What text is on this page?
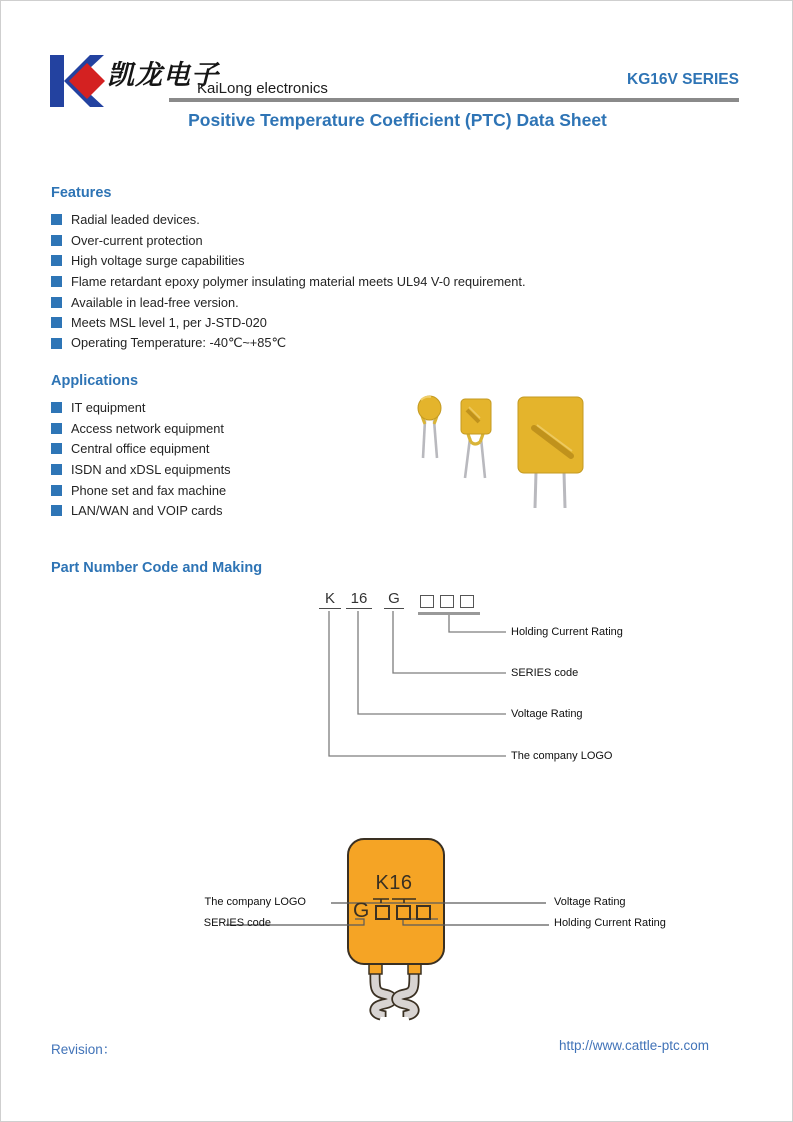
凯龙电子
KaiLong electronics
KG16V SERIES
Positive Temperature Coefficient (PTC) Data Sheet
Features
Radial leaded devices.
Over-current protection
High voltage surge capabilities
Flame retardant epoxy polymer insulating material meets UL94 V-0 requirement.
Available in lead-free version.
Meets MSL level 1, per J-STD-020
Operating Temperature: -40℃~+85℃
Applications
IT equipment
Access network equipment
Central office equipment
ISDN and xDSL equipments
Phone set and fax machine
LAN/WAN and VOIP cards
Part Number Code and Making
K	16	G
Holding Current Rating
SERIES code
Voltage Rating
The company LOGO
K16
G
The company LOGO
SERIES code
Voltage Rating
Holding Current Rating
Revision：	http://www.cattle-ptc.com
